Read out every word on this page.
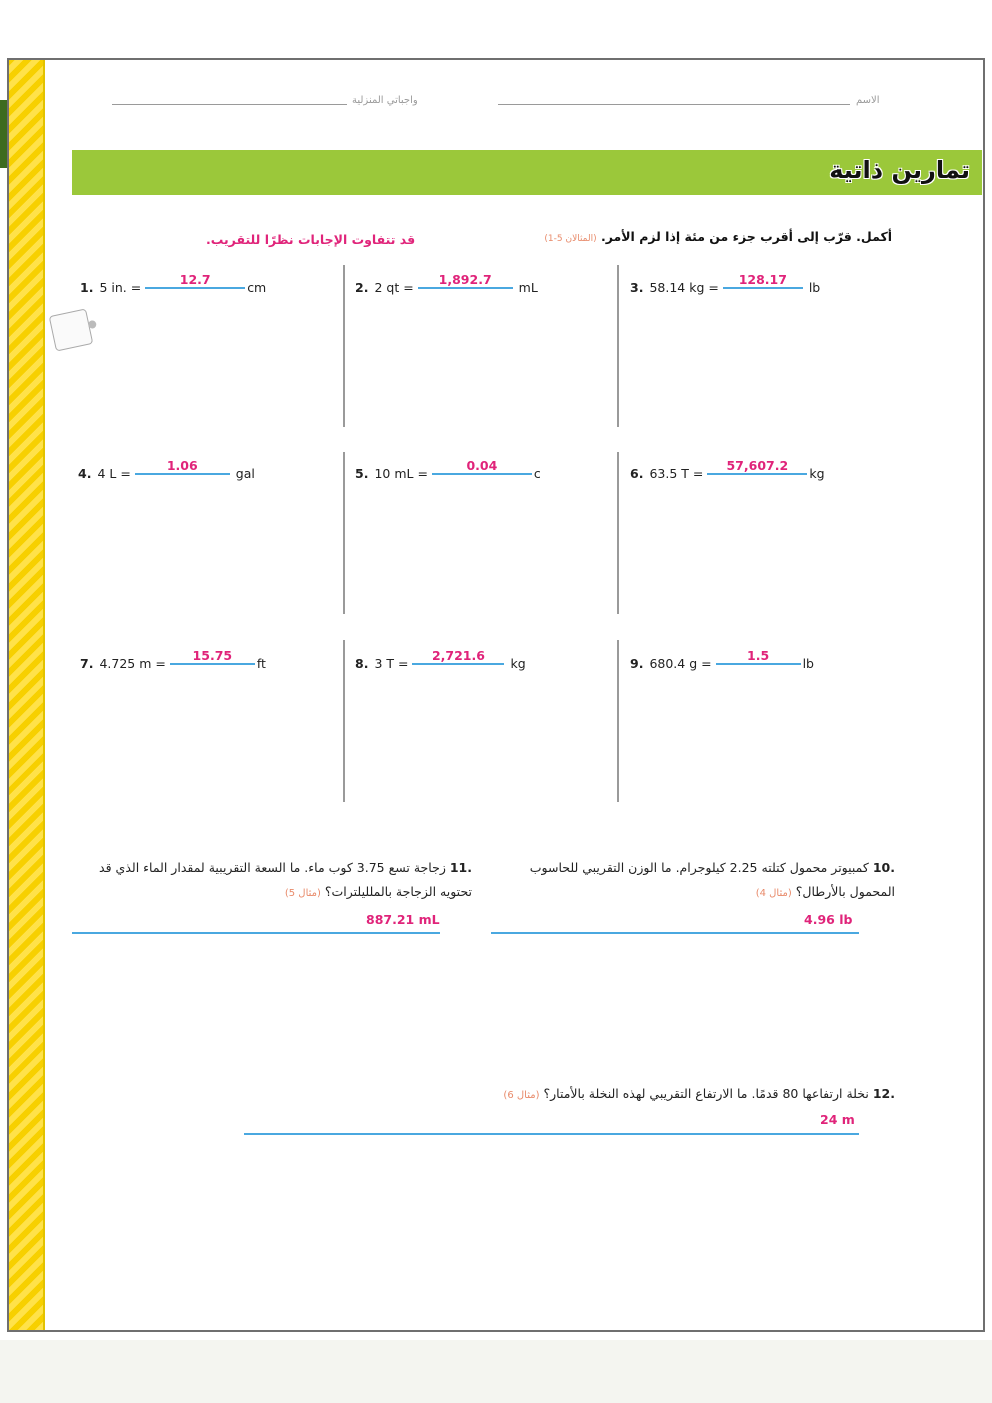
واجباتي المنزلية	الاسم
تمارين ذاتية
أكمل. قرّب إلى أقرب جزء من مئة إذا لزم الأمر. (المثالان 5-1)
قد تتفاوت الإجابات نظرًا للتقريب.
1. 5 in. = 12.7cm	2. 2 qt = 1,892.7mL	3. 58.14 kg = 128.17lb
4. 4 L = 1.06gal	5. 10 mL = 0.04c	6. 63.5 T = 57,607.2kg
7. 4.725 m = 15.75ft	8. 3 T = 2,721.6kg	9. 680.4 g = 1.5lb
.10 كمبيوتر محمول كتلته 2.25 كيلوجرام. ما الوزن التقريبي للحاسوب المحمول بالأرطال؟ (مثال 4)
4.96 lb
.11 زجاجة تسع 3.75 كوب ماء. ما السعة التقريبية لمقدار الماء الذي قد تحتويه الزجاجة بالملليلترات؟ (مثال 5)
887.21 mL
.12 نخلة ارتفاعها 80 قدمًا. ما الارتفاع التقريبي لهذه النخلة بالأمتار؟ (مثال 6)
24 m
